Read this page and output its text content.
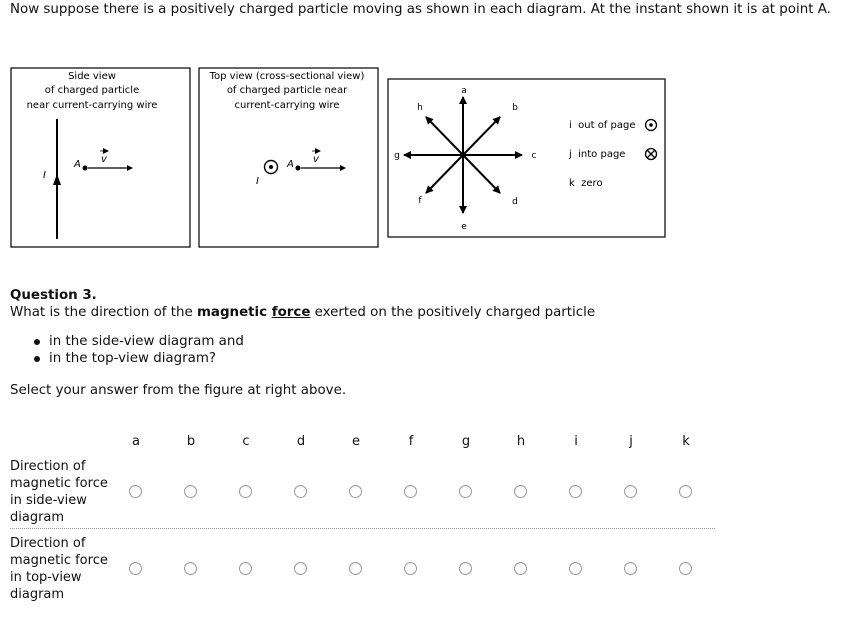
Now suppose there is a positively charged particle moving as shown in each diagram. At the instant shown it is at point A.
Side view
of charged particle
near current-carrying wire
I
A v
Top view (cross-sectional view)
of charged particle near
current-carrying wire
I
A v
a
b
c
d
e
f
g
h
i  out of page
j  into page
k  zero
Question 3.
What is the direction of the magnetic force exerted on the positively charged particle
in the side-view diagram and
in the top-view diagram?
Select your answer from the figure at right above.
a	b	c	d	e	f	g	h	i	j	k
Direction of magnetic force in side-view diagram
Direction of magnetic force in top-view diagram
